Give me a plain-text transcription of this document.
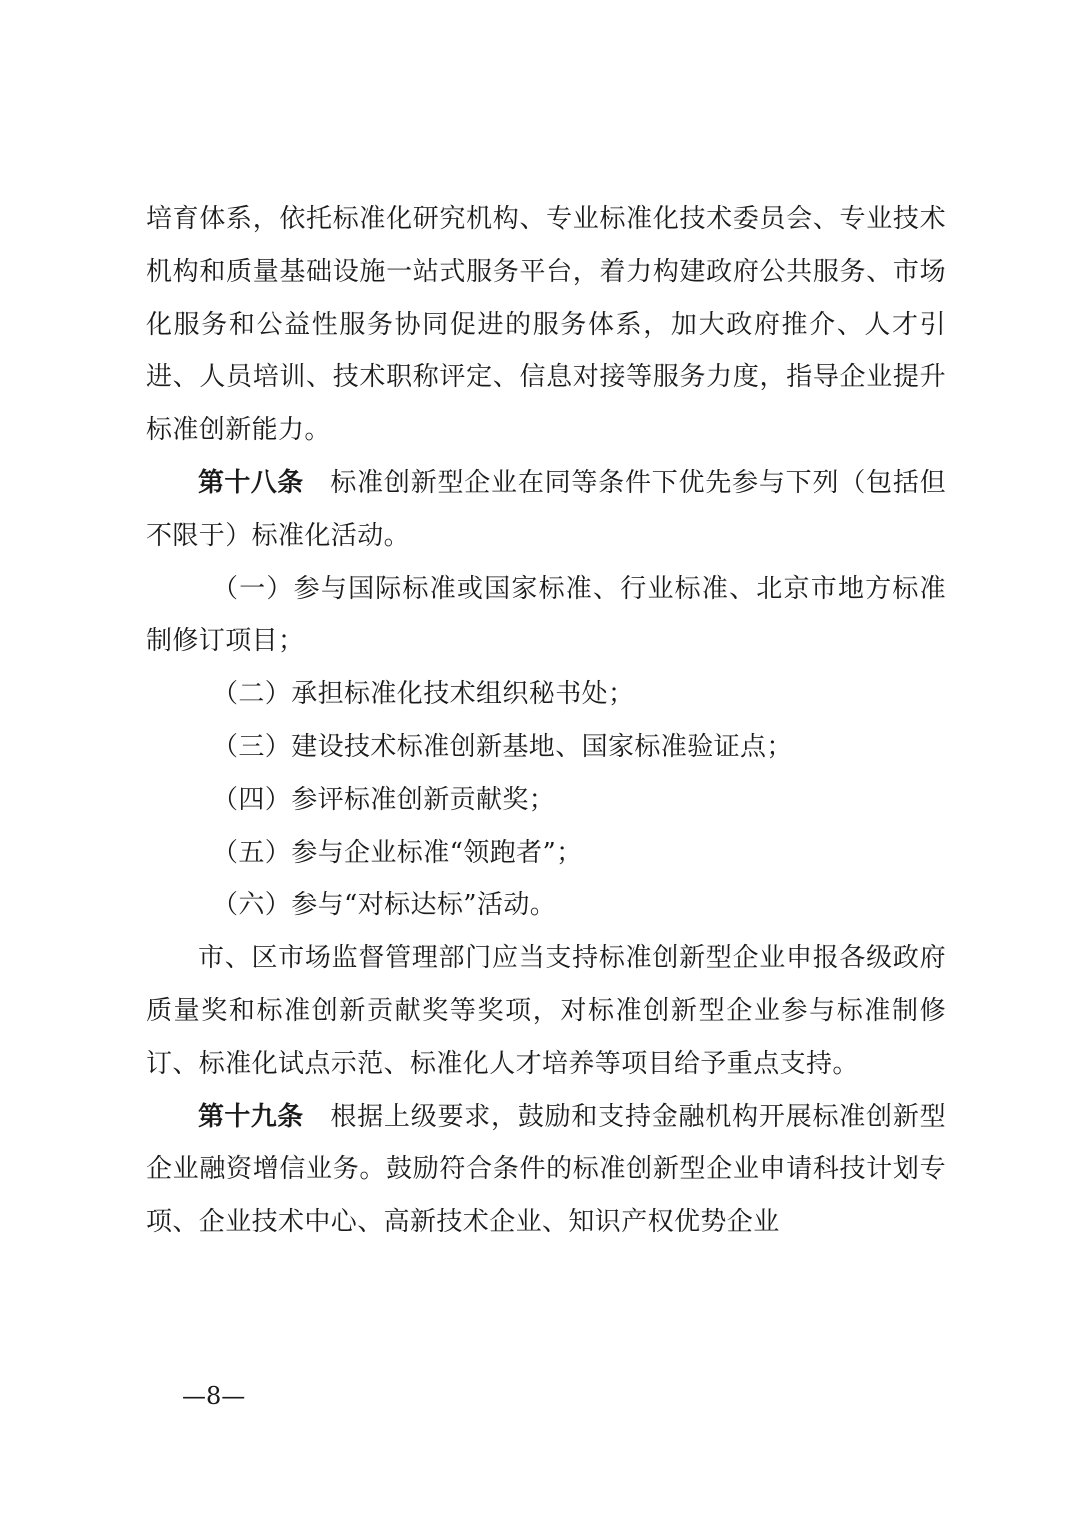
培育体系，依托标准化研究机构、专业标准化技术委员会、专业技术机构和质量基础设施一站式服务平台，着力构建政府公共服务、市场化服务和公益性服务协同促进的服务体系，加大政府推介、人才引进、人员培训、技术职称评定、信息对接等服务力度，指导企业提升标准创新能力。

第十八条　 标准创新型企业在同等条件下优先参与下列（包括但不限于）标准化活动。

（一）参与国际标准或国家标准、行业标准、北京市地方标准制修订项目；

（二）承担标准化技术组织秘书处；

（三）建设技术标准创新基地、国家标准验证点；

（四）参评标准创新贡献奖；

（五）参与企业标准“领跑者”；

（六）参与“对标达标”活动。

市、区市场监督管理部门应当支持标准创新型企业申报各级政府质量奖和标准创新贡献奖等奖项，对标准创新型企业参与标准制修订、标准化试点示范、标准化人才培养等项目给予重点支持。

第十九条　 根据上级要求，鼓励和支持金融机构开展标准创新型企业融资增信业务。鼓励符合条件的标准创新型企业申请科技计划专项、企业技术中心、高新技术企业、知识产权优势企业

—8—
